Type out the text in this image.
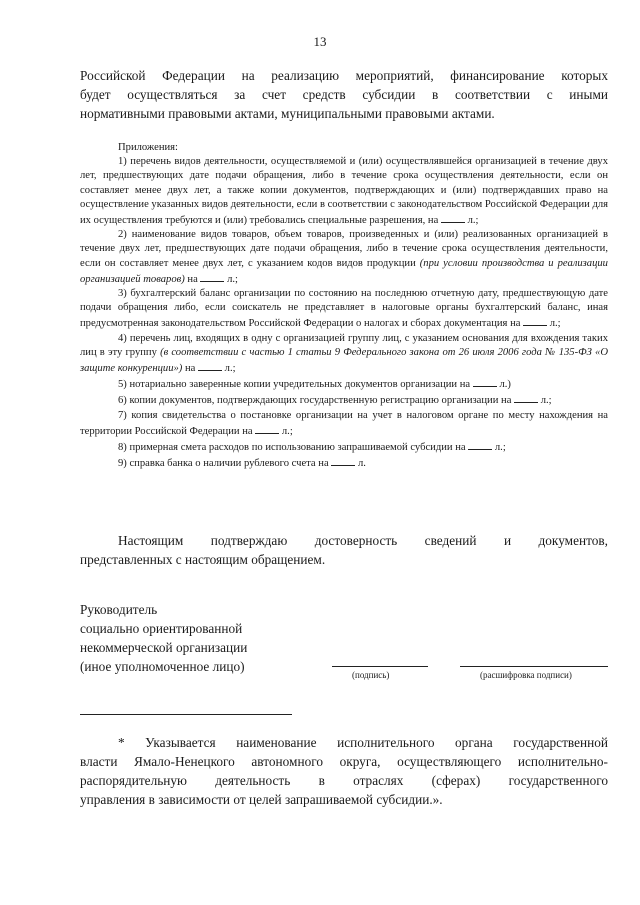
13
Российской Федерации на реализацию мероприятий, финансирование которых
будет осуществляться за счет средств субсидии в соответствии с иными
нормативными правовыми актами, муниципальными правовыми актами.
Приложения:

1) перечень видов деятельности, осуществляемой и (или) осуществлявшейся организацией в течение двух лет, предшествующих дате подачи обращения, либо в течение срока осуществления деятельности, если он составляет менее двух лет, а также копии документов, подтверждающих и (или) подтверждавших право на осуществление указанных видов деятельности, если в соответствии с законодательством Российской Федерации для их осуществления требуются и (или) требовались специальные разрешения, на	л.;

2) наименование видов товаров, объем товаров, произведенных и (или) реализованных организацией в течение двух лет, предшествующих дате подачи обращения, либо в течение срока осуществления деятельности, если он составляет менее двух лет, с указанием кодов видов продукции (при условии производства и реализации организацией товаров) на	л.;

3) бухгалтерский баланс организации по состоянию на последнюю отчетную дату, предшествующую дате подачи обращения либо, если соискатель не представляет в налоговые органы бухгалтерский баланс, иная предусмотренная законодательством Российской Федерации о налогах и сборах документация на	л.;

4) перечень лиц, входящих в одну с организацией группу лиц, с указанием основания для вхождения таких лиц в эту группу (в соответствии с частью 1 статьи 9 Федерального закона от 26 июля 2006 года № 135-ФЗ «О защите конкуренции») на	л.;

5) нотариально заверенные копии учредительных документов организации на	л.)

6) копии документов, подтверждающих государственную регистрацию организации на	л.;

7) копия свидетельства о постановке организации на учет в налоговом органе по месту нахождения на территории Российской Федерации на	л.;

8) примерная смета расходов по использованию запрашиваемой субсидии на	л.;

9) справка банка о наличии рублевого счета на	л.

Настоящим подтверждаю достоверность сведений и документов,
представленных с настоящим обращением.
Руководитель
социально ориентированной
некоммерческой организации
(иное уполномоченное лицо)
(подпись)	(расшифровка подписи)
* Указывается наименование исполнительного органа государственной
власти Ямало-Ненецкого автономного округа, осуществляющего исполнительно-
распорядительную деятельность в отраслях (сферах) государственного
управления в зависимости от целей запрашиваемой субсидии.».
